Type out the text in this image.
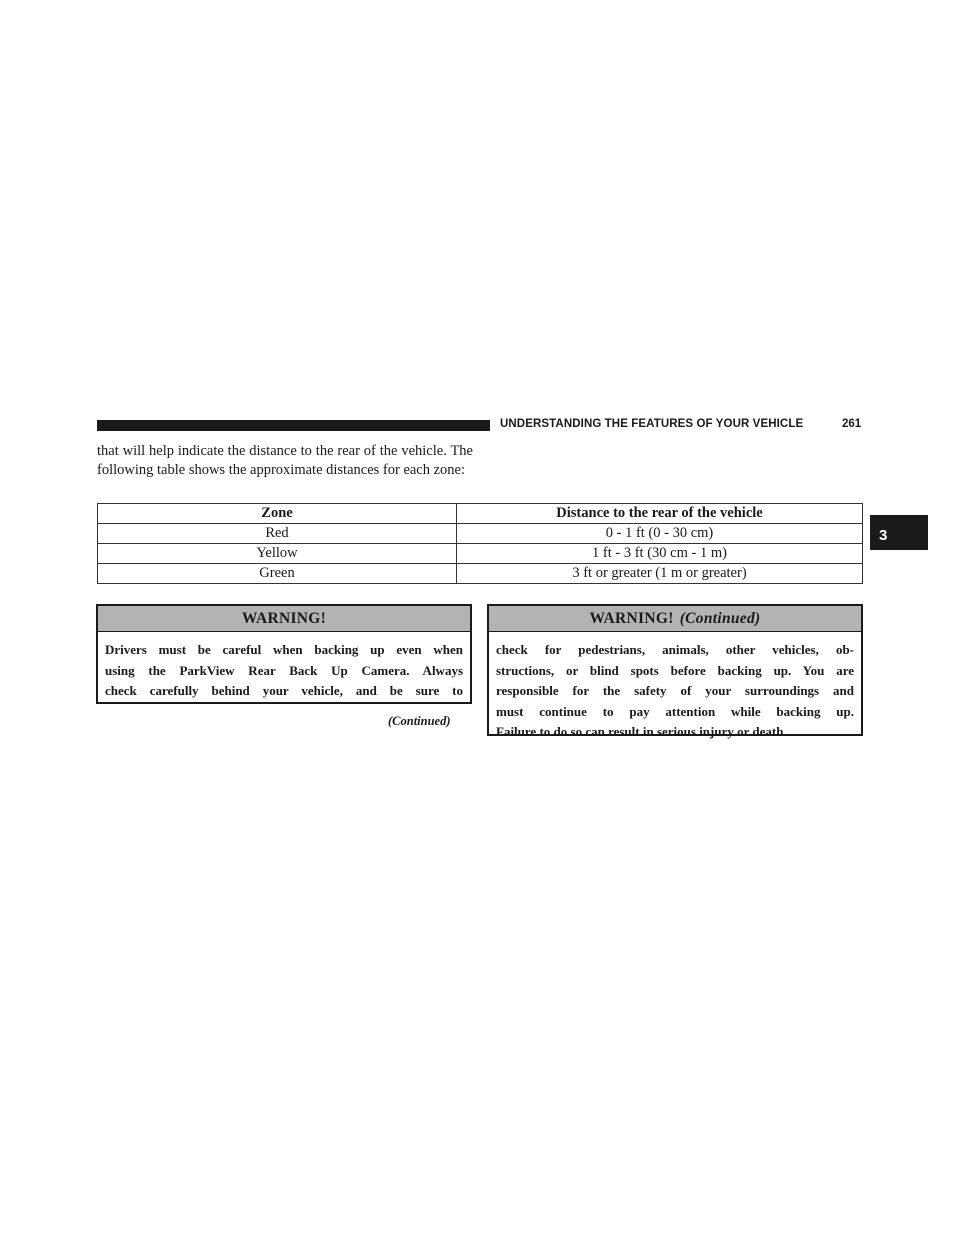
UNDERSTANDING THE FEATURES OF YOUR VEHICLE	261
3

that will help indicate the distance to the rear of the vehicle. The following table shows the approximate distances for each zone:

Zone	Distance to the rear of the vehicle
Red	0 - 1 ft (0 - 30 cm)
Yellow	1 ft - 3 ft (30 cm - 1 m)
Green	3 ft or greater (1 m or greater)
WARNING!

Drivers must be careful when backing up even when
using the ParkView Rear Back Up Camera. Always
check carefully behind your vehicle, and be sure to

(Continued)
WARNING! (Continued)

check for pedestrians, animals, other vehicles, ob-
structions, or blind spots before backing up. You are
responsible for the safety of your surroundings and
must continue to pay attention while backing up.
Failure to do so can result in serious injury or death.
